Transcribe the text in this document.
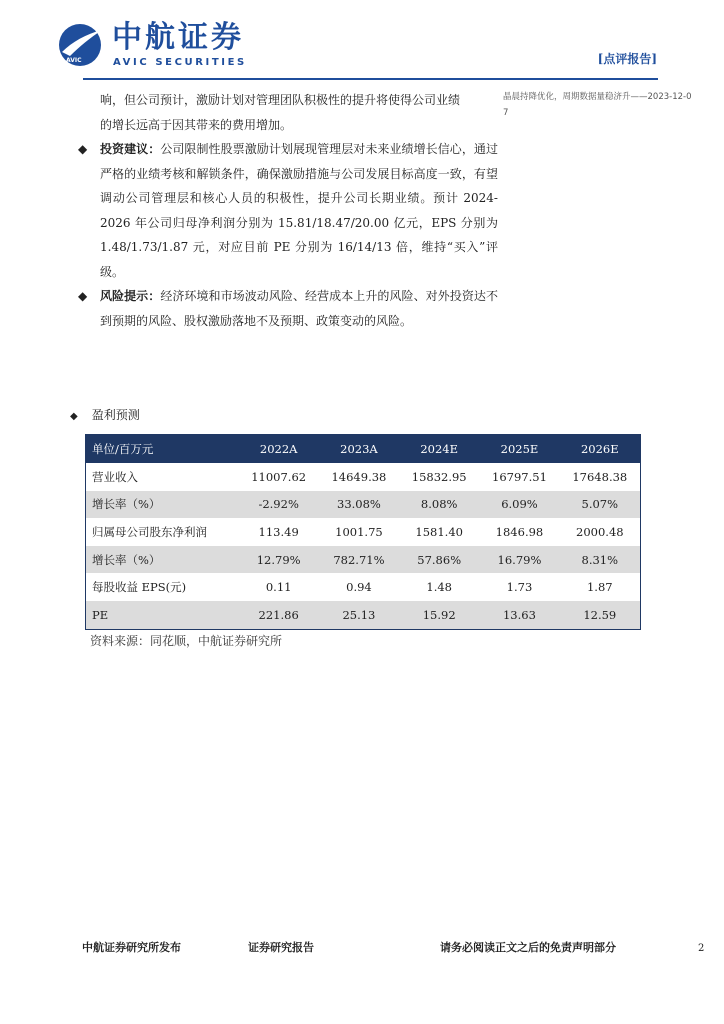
AVIC
中航证券
AVIC SECURITIES	[点评报告]

响，但公司预计，激励计划对管理团队积极性的提升将使得公司业绩
的增长远高于因其带来的费用增加。

◆ 投资建议：公司限制性股票激励计划展现管理层对未来业绩增长信心，通过严格的业绩考核和解锁条件，确保激励措施与公司发展目标高度一致，有望调动公司管理层和核心人员的积极性，提升公司长期业绩。预计 2024-2026 年公司归母净利润分别为 15.81/18.47/20.00 亿元，EPS 分别为 1.48/1.73/1.87 元，对应目前 PE 分别为 16/14/13 倍，维持“买入”评级。

◆ 风险提示：经济环境和市场波动风险、经营成本上升的风险、对外投资达不到预期的风险、股权激励落地不及预期、政策变动的风险。

晶晨持降优化，周期数据量稳济升——2023-12-07
◆ 盈利预测
单位/百万元	2022A	2023A	2024E	2025E	2026E
营业收入	11007.62	14649.38	15832.95	16797.51	17648.38
增长率（%）	-2.92%	33.08%	8.08%	6.09%	5.07%
归属母公司股东净利润	113.49	1001.75	1581.40	1846.98	2000.48
增长率（%）	12.79%	782.71%	57.86%	16.79%	8.31%
每股收益 EPS(元)	0.11	0.94	1.48	1.73	1.87
PE	221.86	25.13	15.92	13.63	12.59
资料来源：同花顺，中航证券研究所
中航证券研究所发布	证券研究报告	请务必阅读正文之后的免责声明部分	2
